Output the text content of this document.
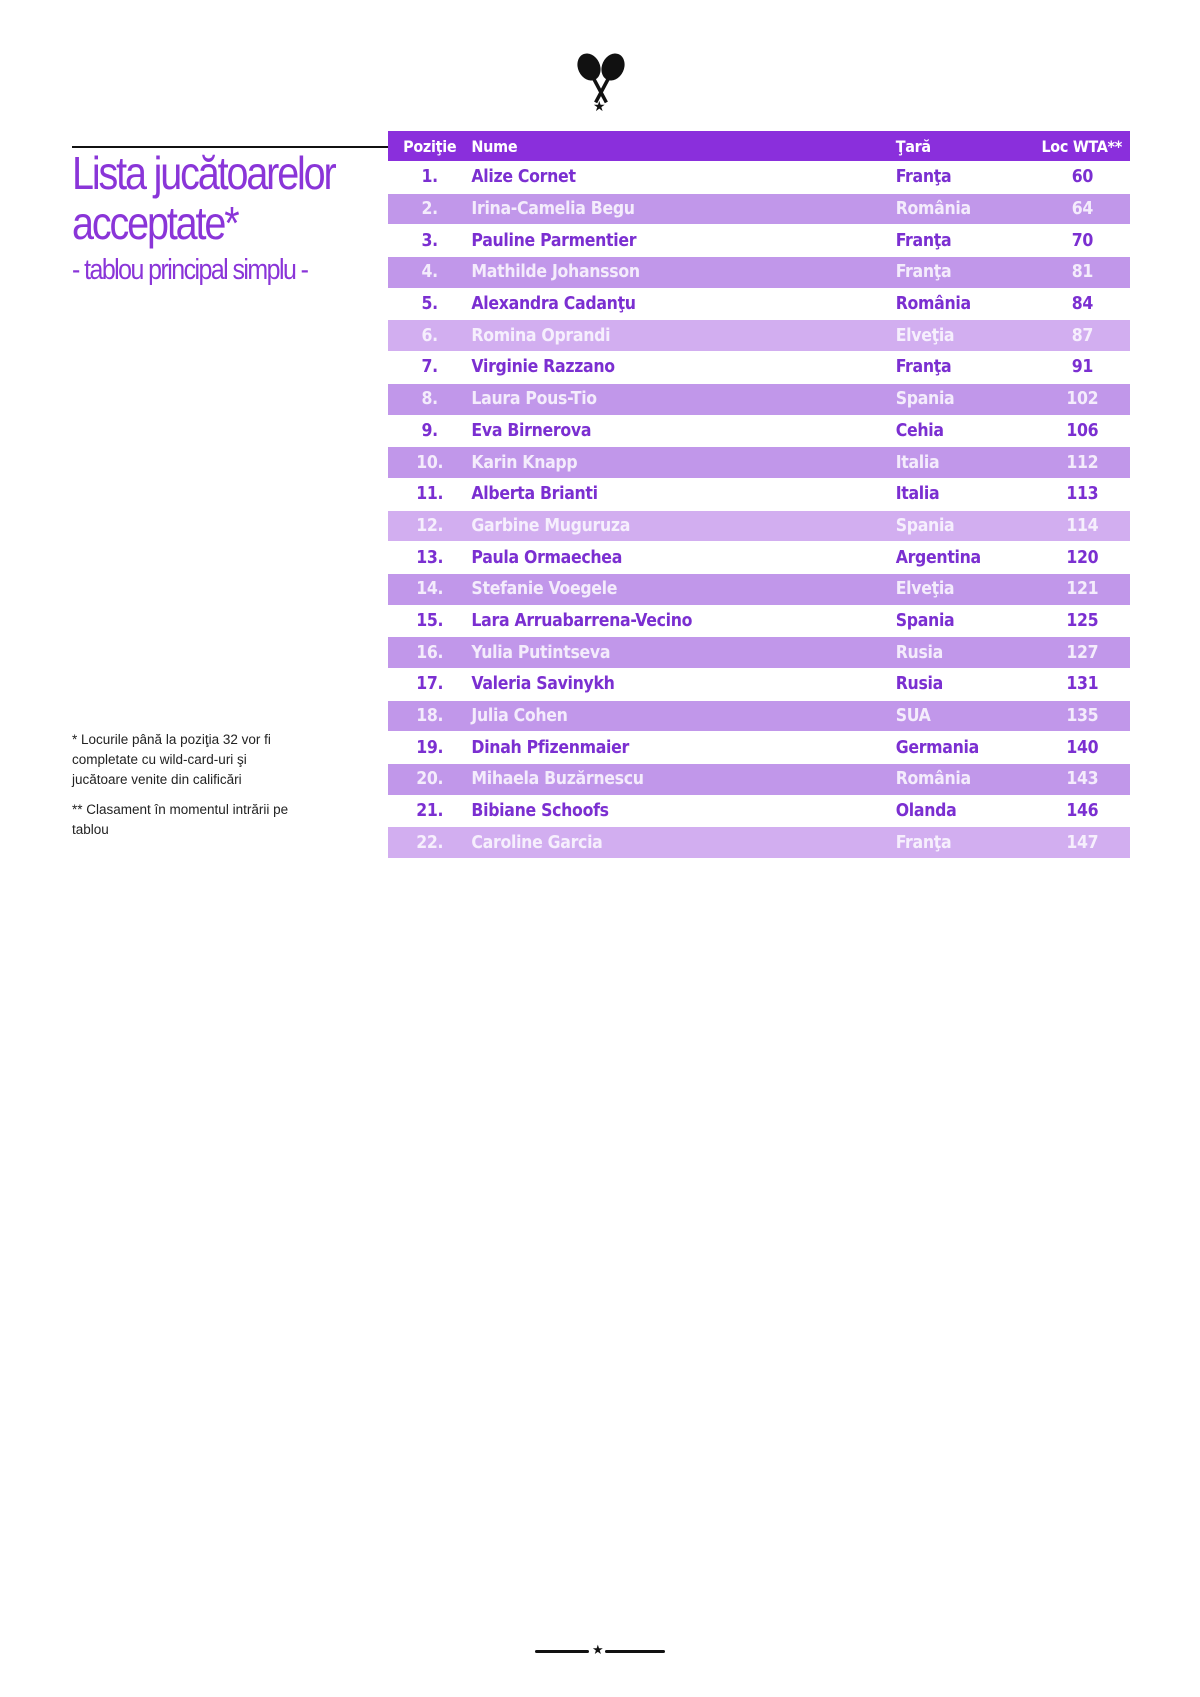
★
Lista jucătoarelor
acceptate*
- tablou principal simplu -

* Locurile până la poziţia 32 vor fi completate cu wild-card-uri şi jucătoare venite din calificări

** Clasament în momentul intrării pe tablou

Poziţie	Nume	Ţară	Loc WTA**
1.	Alize Cornet	Franţa	60
2.	Irina-Camelia Begu	România	64
3.	Pauline Parmentier	Franţa	70
4.	Mathilde Johansson	Franţa	81
5.	Alexandra Cadanţu	România	84
6.	Romina Oprandi	Elveţia	87
7.	Virginie Razzano	Franţa	91
8.	Laura Pous-Tio	Spania	102
9.	Eva Birnerova	Cehia	106
10.	Karin Knapp	Italia	112
11.	Alberta Brianti	Italia	113
12.	Garbine Muguruza	Spania	114
13.	Paula Ormaechea	Argentina	120
14.	Stefanie Voegele	Elveţia	121
15.	Lara Arruabarrena-Vecino	Spania	125
16.	Yulia Putintseva	Rusia	127
17.	Valeria Savinykh	Rusia	131
18.	Julia Cohen	SUA	135
19.	Dinah Pfizenmaier	Germania	140
20.	Mihaela Buzărnescu	România	143
21.	Bibiane Schoofs	Olanda	146
22.	Caroline Garcia	Franţa	147
★
